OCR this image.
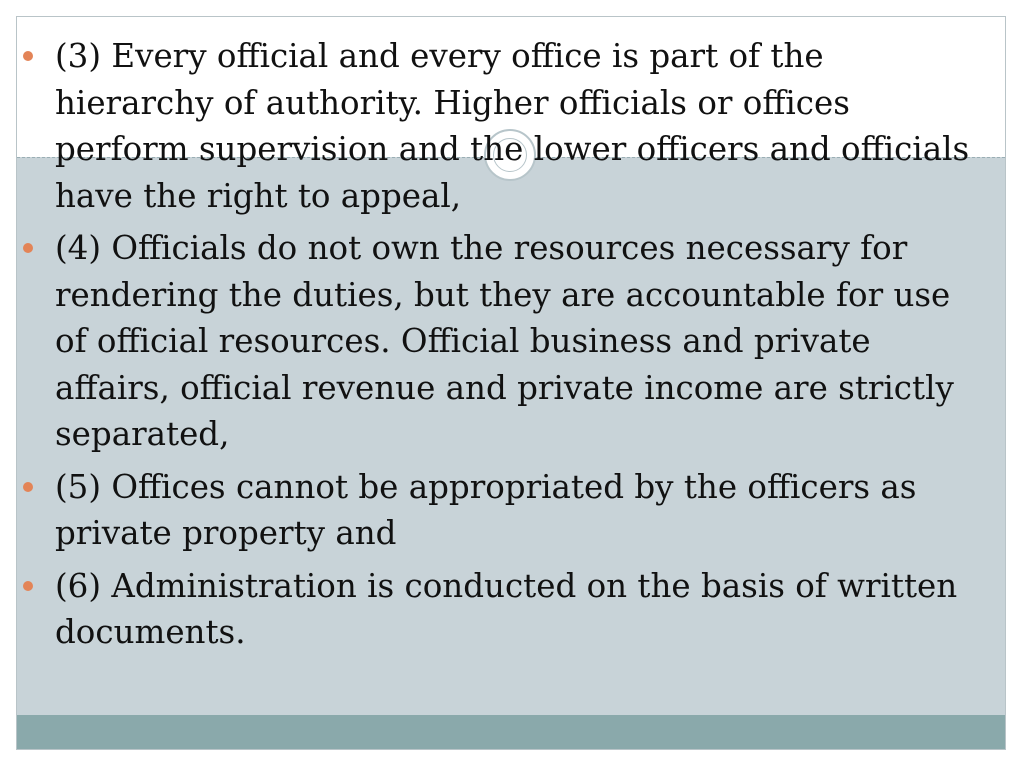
(3) Every official and every office is part of the
hierarchy of authority. Higher officials or offices
perform supervision and the lower officers and officials
have the right to appeal,
(4) Officials do not own the resources necessary for
rendering the duties, but they are accountable for use
of official resources. Official business and private
affairs, official revenue and private income are strictly
separated,
(5) Offices cannot be appropriated by the officers as
private property and
(6) Administration is conducted on the basis of written
documents.
